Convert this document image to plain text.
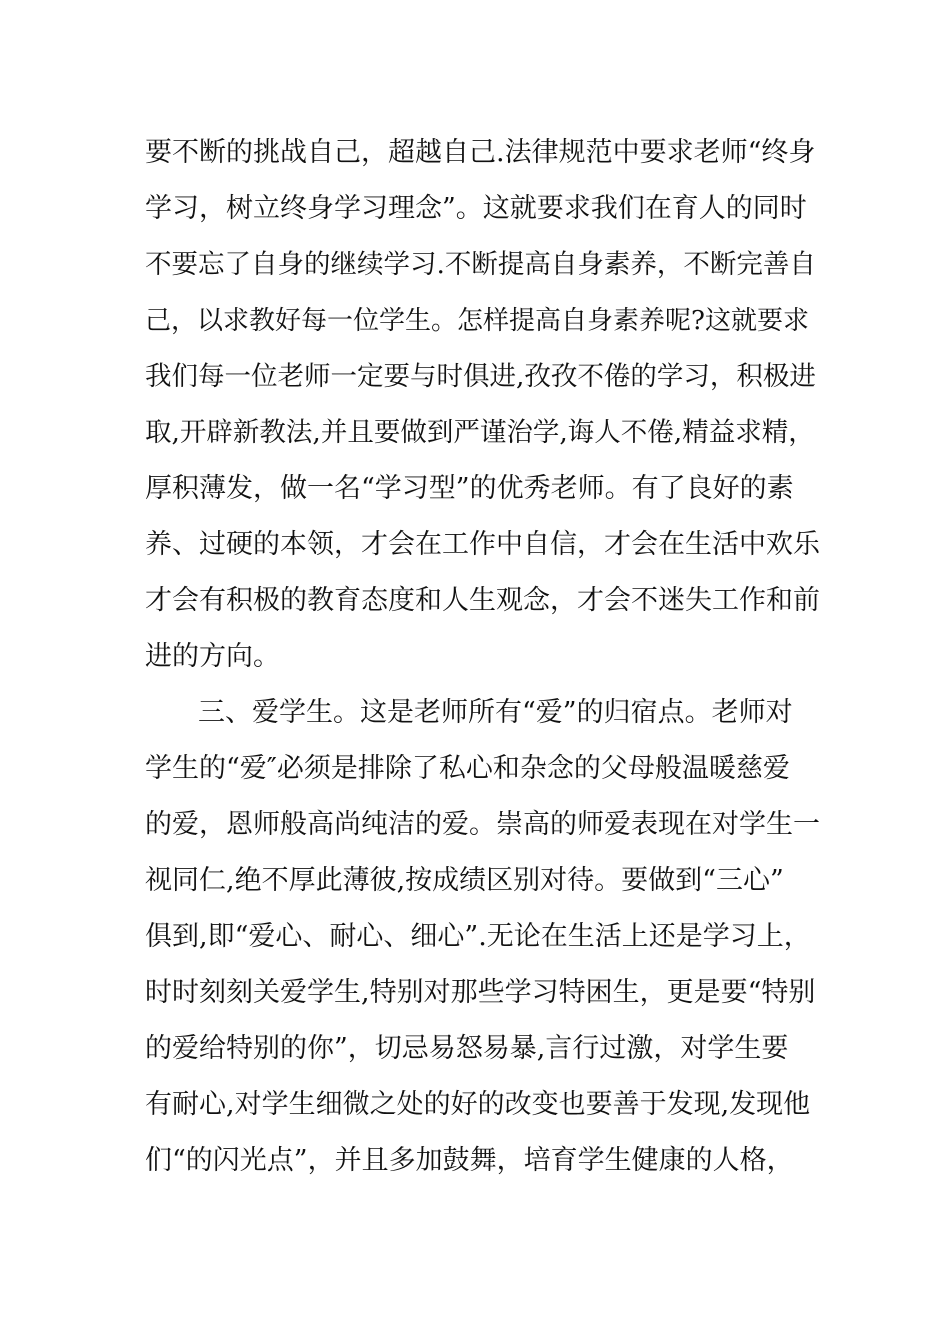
要不断的挑战自己，超越自己.法律规范中要求老师“终身
学习，树立终身学习理念”。这就要求我们在育人的同时
不要忘了自身的继续学习.不断提高自身素养，不断完善自
己，以求教好每一位学生。怎样提高自身素养呢?这就要求
我们每一位老师一定要与时俱进,孜孜不倦的学习，积极进
取,开辟新教法,并且要做到严谨治学,诲人不倦,精益求精，
厚积薄发，做一名“学习型”的优秀老师。有了良好的素
养、过硬的本领，才会在工作中自信，才会在生活中欢乐
才会有积极的教育态度和人生观念，才会不迷失工作和前
进的方向。
三、爱学生。这是老师所有“爱”的归宿点。老师对
学生的“爱″必须是排除了私心和杂念的父母般温暖慈爱
的爱，恩师般高尚纯洁的爱。崇高的师爱表现在对学生一
视同仁,绝不厚此薄彼,按成绩区别对待。要做到“三心”
俱到,即“爱心、耐心、细心”.无论在生活上还是学习上，
时时刻刻关爱学生,特别对那些学习特困生，更是要“特别
的爱给特别的你”，切忌易怒易暴,言行过激，对学生要
有耐心,对学生细微之处的好的改变也要善于发现,发现他
们“的闪光点”，并且多加鼓舞，培育学生健康的人格，
